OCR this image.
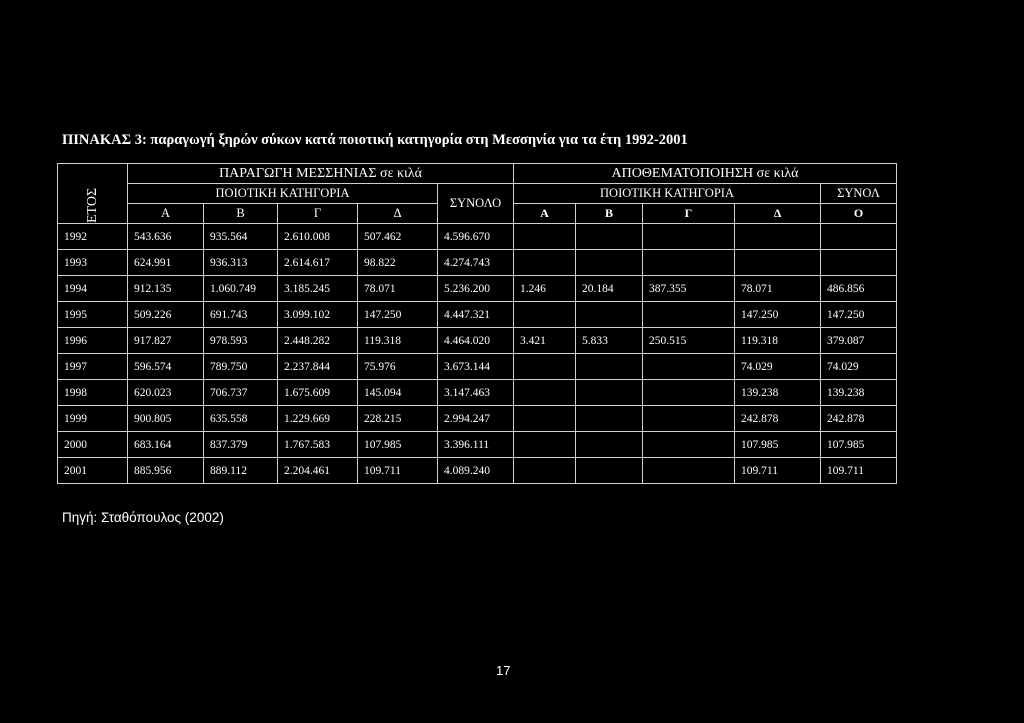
ΠΙΝΑΚΑΣ 3: παραγωγή ξηρών σύκων κατά ποιοτική κατηγορία στη Μεσσηνία για τα έτη 1992-2001
ΕΤΟΣ	ΠΑΡΑΓΩΓΗ ΜΕΣΣΗΝΙΑΣ σε κιλά					ΑΠΟΘΕΜΑΤΟΠΟΙΗΣΗ σε κιλά				
	ΠΟΙΟΤΙΚΗ ΚΑΤΗΓΟΡΙΑ				ΣΥΝΟΛΟ	ΠΟΙΟΤΙΚΗ ΚΑΤΗΓΟΡΙΑ				ΣΥΝΟΛ
	A	B	Γ	Δ		A	B	Γ	Δ	Ο
1992	543.636	935.564	2.610.008	507.462	4.596.670					
1993	624.991	936.313	2.614.617	98.822	4.274.743					
1994	912.135	1.060.749	3.185.245	78.071	5.236.200	1.246	20.184	387.355	78.071	486.856
1995	509.226	691.743	3.099.102	147.250	4.447.321				147.250	147.250
1996	917.827	978.593	2.448.282	119.318	4.464.020	3.421	5.833	250.515	119.318	379.087
1997	596.574	789.750	2.237.844	75.976	3.673.144				74.029	74.029
1998	620.023	706.737	1.675.609	145.094	3.147.463				139.238	139.238
1999	900.805	635.558	1.229.669	228.215	2.994.247				242.878	242.878
2000	683.164	837.379	1.767.583	107.985	3.396.111				107.985	107.985
2001	885.956	889.112	2.204.461	109.711	4.089.240				109.711	109.711
Πηγή: Σταθόπουλος (2002)
17
